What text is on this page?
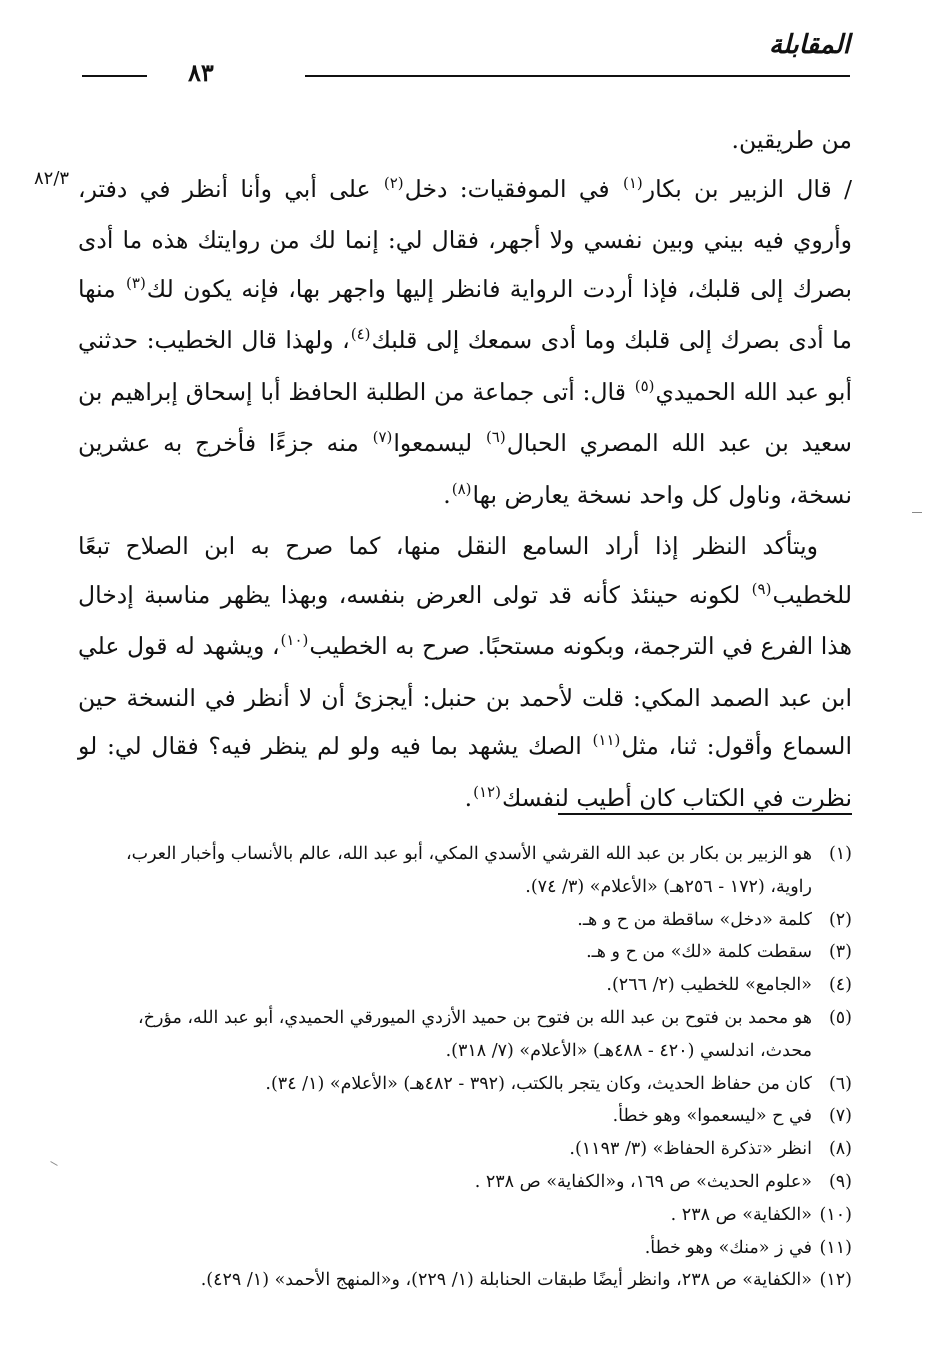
المقابلة
٨٣
٨٢/٣

من طريقين.

/ قال الزبير بن بكار$^{(١)}$ في الموفقيات: دخل$^{(٢)}$ على أبي وأنا أنظر في دفتر، وأروي فيه بيني وبين نفسي ولا أجهر، فقال لي: إنما لك من روايتك هذه ما أدى بصرك إلى قلبك، فإذا أردت الرواية فانظر إليها واجهر بها، فإنه يكون لك$^{(٣)}$ منها ما أدى بصرك إلى قلبك وما أدى سمعك إلى قلبك$^{(٤)}$، ولهذا قال الخطيب: حدثني أبو عبد الله الحميدي$^{(٥)}$ قال: أتى جماعة من الطلبة الحافظ أبا إسحاق إبراهيم بن سعيد بن عبد الله المصري الحبال$^{(٦)}$ ليسمعوا$^{(٧)}$ منه جزءًا فأخرج به عشرين نسخة، وناول كل واحد نسخة يعارض بها$^{(٨)}$.

ويتأكد النظر إذا أراد السامع النقل منها، كما صرح به ابن الصلاح تبعًا للخطيب$^{(٩)}$ لكونه حينئذ كأنه قد تولى العرض بنفسه، وبهذا يظهر مناسبة إدخال هذا الفرع في الترجمة، وبكونه مستحبًا. صرح به الخطيب$^{(١٠)}$، ويشهد له قول علي ابن عبد الصمد المكي: قلت لأحمد بن حنبل: أيجزئ أن لا أنظر في النسخة حين السماع وأقول: ثنا، مثل$^{(١١)}$ الصك يشهد بما فيه ولو لم ينظر فيه؟ فقال لي: لو نظرت في الكتاب كان أطيب لنفسك$^{(١٢)}$.

(١)
هو الزبير بن بكار بن عبد الله القرشي الأسدي المكي، أبو عبد الله، عالم بالأنساب وأخبار العرب، راوية، (١٧٢ - ٢٥٦هـ) «الأعلام» (٣/ ٧٤).

(٢)
كلمة «دخل» ساقطة من ح و هـ.

(٣)
سقطت كلمة «لك» من ح و هـ.

(٤)
«الجامع» للخطيب (٢/ ٢٦٦).

(٥)
هو محمد بن فتوح بن عبد الله بن فتوح بن حميد الأزدي الميورقي الحميدي، أبو عبد الله، مؤرخ، محدث، اندلسي (٤٢٠ - ٤٨٨هـ) «الأعلام» (٧/ ٣١٨).

(٦)
كان من حفاظ الحديث، وكان يتجر بالكتب، (٣٩٢ - ٤٨٢هـ) «الأعلام» (١/ ٣٤).

(٧)
في ح «ليسعموا» وهو خطأ.

(٨)
انظر «تذكرة الحفاظ» (٣/ ١١٩٣).

(٩)
«علوم الحديث» ص ١٦٩، و«الكفاية» ص ٢٣٨ .

(١٠)
«الكفاية» ص ٢٣٨ .

(١١)
في ز «منك» وهو خطأ.

(١٢)
«الكفاية» ص ٢٣٨، وانظر أيضًا طبقات الحنابلة (١/ ٢٢٩)، و«المنهج الأحمد» (١/ ٤٢٩).
